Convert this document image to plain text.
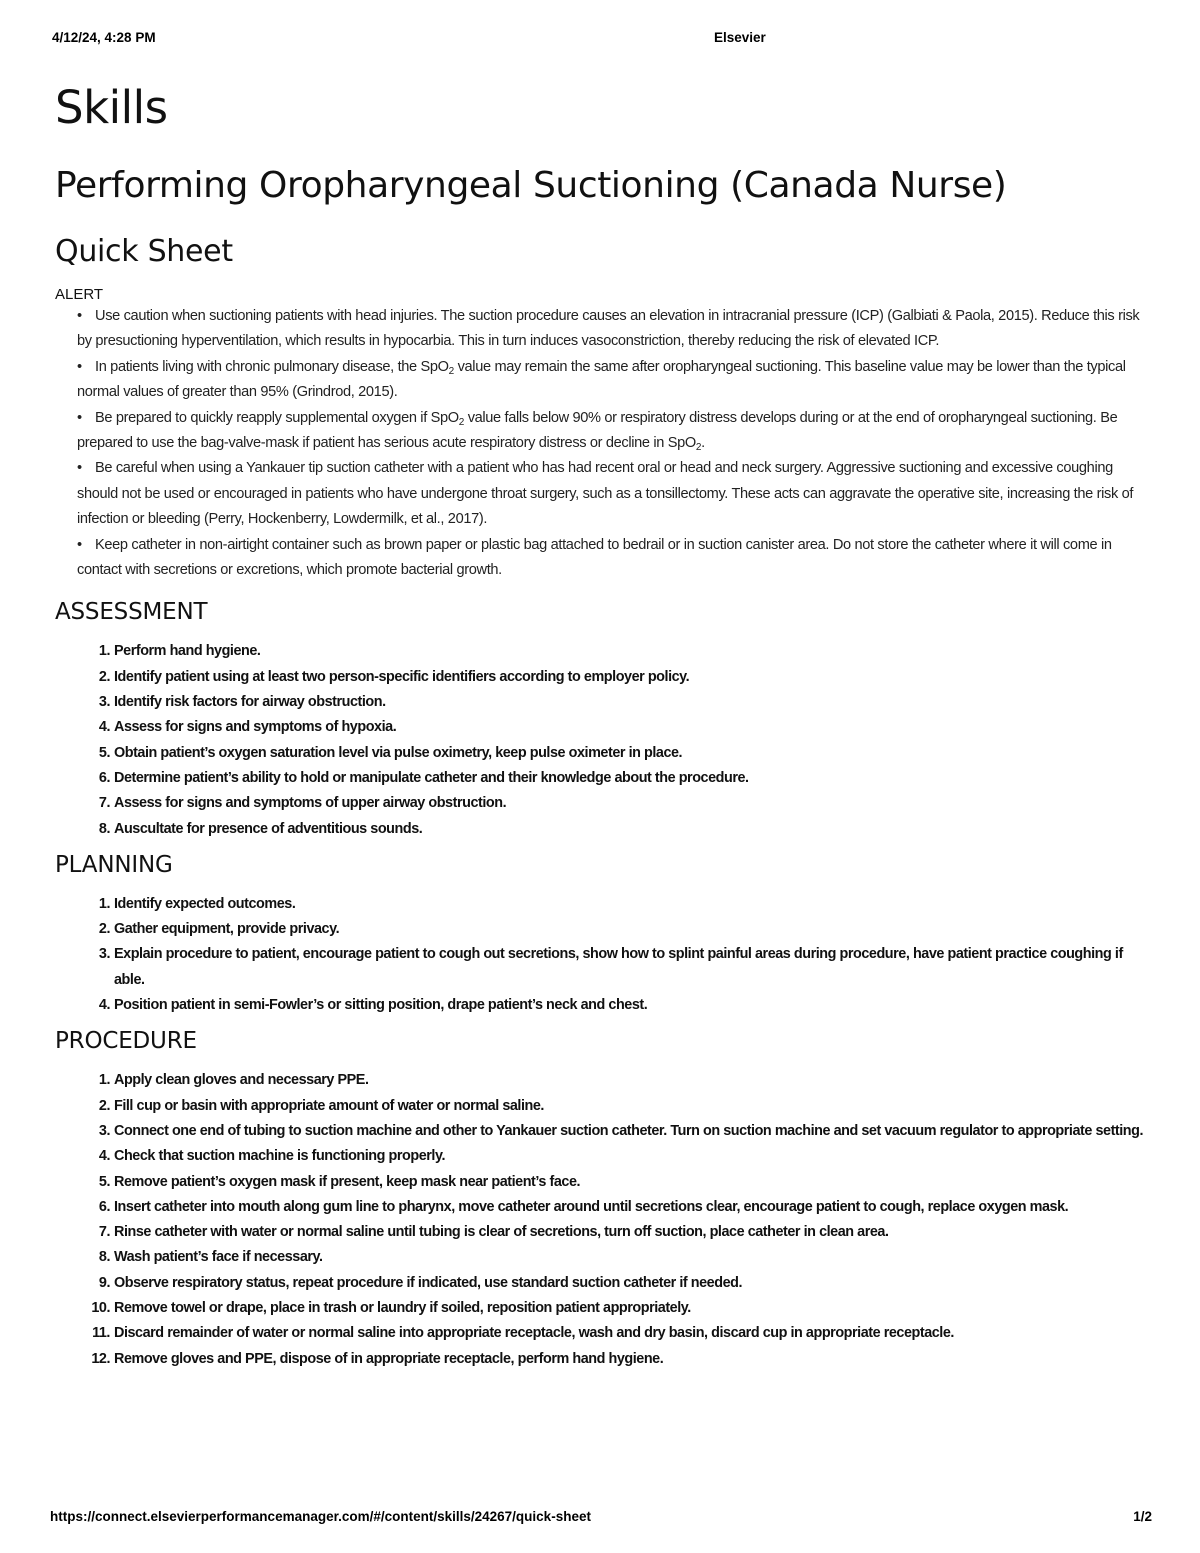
4/12/24, 4:28 PM	Elsevier
Skills
Performing Oropharyngeal Suctioning (Canada Nurse)
Quick Sheet
ALERT
• Use caution when suctioning patients with head injuries. The suction procedure causes an elevation in intracranial pressure (ICP) (Galbiati & Paola, 2015). Reduce this risk by presuctioning hyperventilation, which results in hypocarbia. This in turn induces vasoconstriction, thereby reducing the risk of elevated ICP.
• In patients living with chronic pulmonary disease, the SpO$_2$ value may remain the same after oropharyngeal suctioning. This baseline value may be lower than the typical normal values of greater than 95% (Grindrod, 2015).
• Be prepared to quickly reapply supplemental oxygen if SpO$_2$ value falls below 90% or respiratory distress develops during or at the end of oropharyngeal suctioning. Be prepared to use the bag-valve-mask if patient has serious acute respiratory distress or decline in SpO$_2$.
• Be careful when using a Yankauer tip suction catheter with a patient who has had recent oral or head and neck surgery. Aggressive suctioning and excessive coughing should not be used or encouraged in patients who have undergone throat surgery, such as a tonsillectomy. These acts can aggravate the operative site, increasing the risk of infection or bleeding (Perry, Hockenberry, Lowdermilk, et al., 2017).
• Keep catheter in non-airtight container such as brown paper or plastic bag attached to bedrail or in suction canister area. Do not store the catheter where it will come in contact with secretions or excretions, which promote bacterial growth.
ASSESSMENT
1. Perform hand hygiene.
2. Identify patient using at least two person-specific identifiers according to employer policy.
3. Identify risk factors for airway obstruction.
4. Assess for signs and symptoms of hypoxia.
5. Obtain patient’s oxygen saturation level via pulse oximetry, keep pulse oximeter in place.
6. Determine patient’s ability to hold or manipulate catheter and their knowledge about the procedure.
7. Assess for signs and symptoms of upper airway obstruction.
8. Auscultate for presence of adventitious sounds.
PLANNING
1. Identify expected outcomes.
2. Gather equipment, provide privacy.
3. Explain procedure to patient, encourage patient to cough out secretions, show how to splint painful areas during procedure, have patient practice coughing if able.
4. Position patient in semi-Fowler’s or sitting position, drape patient’s neck and chest.
PROCEDURE
1. Apply clean gloves and necessary PPE.
2. Fill cup or basin with appropriate amount of water or normal saline.
3. Connect one end of tubing to suction machine and other to Yankauer suction catheter. Turn on suction machine and set vacuum regulator to appropriate setting.
4. Check that suction machine is functioning properly.
5. Remove patient’s oxygen mask if present, keep mask near patient’s face.
6. Insert catheter into mouth along gum line to pharynx, move catheter around until secretions clear, encourage patient to cough, replace oxygen mask.
7. Rinse catheter with water or normal saline until tubing is clear of secretions, turn off suction, place catheter in clean area.
8. Wash patient’s face if necessary.
9. Observe respiratory status, repeat procedure if indicated, use standard suction catheter if needed.
10. Remove towel or drape, place in trash or laundry if soiled, reposition patient appropriately.
11. Discard remainder of water or normal saline into appropriate receptacle, wash and dry basin, discard cup in appropriate receptacle.
12. Remove gloves and PPE, dispose of in appropriate receptacle, perform hand hygiene.
https://connect.elsevierperformancemanager.com/#/content/skills/24267/quick-sheet	1/2
